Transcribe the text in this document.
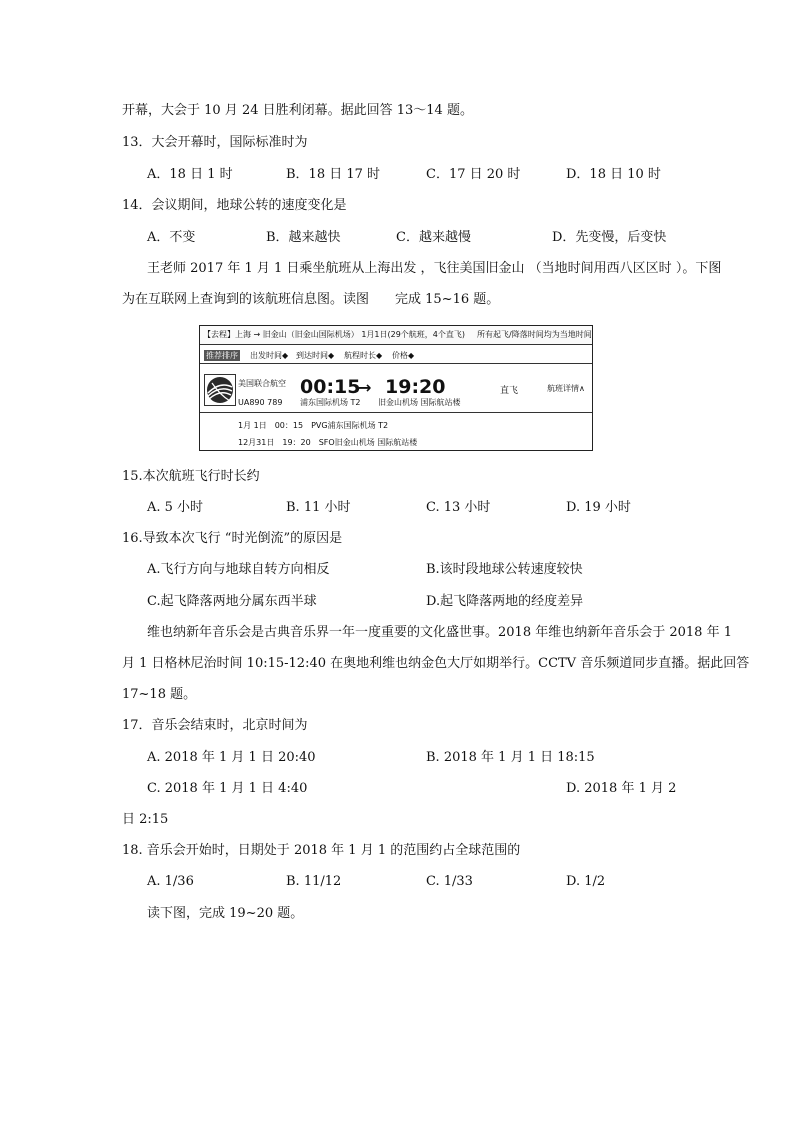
开幕，大会于 10 月 24 日胜利闭幕。据此回答 13～14 题。
13．大会开幕时，国际标准时为
A．18 日 1 时	B．18 日 17 时	C．17 日 20 时	D．18 日 10 时
14．会议期间，地球公转的速度变化是
A．不变	B．越来越快	C．越来越慢	D．先变慢，后变快
王老师 2017 年 1 月 1 日乘坐航班从上海出发 ，飞往美国旧金山 （当地时间用西八区区时 ）。下图
为在互联网上查询到的该航班信息图。读图　　完成 15~16 题。
【去程】上海 → 旧金山（旧金山国际机场） 1月1日(29个航班，4个直飞) 所有起飞/降落时间均为当地时间
推荐排序 出发时间◆ 到达时间◆ 航程时长◆ 价格◆
美国联合航空
UA890 789
00:15
→ 19:20
浦东国际机场 T2 旧金山机场 国际航站楼
直飞	航班详情∧
1月 1日　00：15　PVG浦东国际机场 T2
12月31日　19：20　SFO旧金山机场 国际航站楼
15.本次航班飞行时长约
A. 5 小时	B. 11 小时	C. 13 小时	D. 19 小时
16.导致本次飞行 “时光倒流”的原因是
A.飞行方向与地球自转方向相反	B.该时段地球公转速度较快
C.起飞降落两地分属东西半球	D.起飞降落两地的经度差异
维也纳新年音乐会是古典音乐界一年一度重要的文化盛世事。2018 年维也纳新年音乐会于 2018 年 1
月 1 日格林尼治时间 10:15-12:40 在奥地利维也纳金色大厅如期举行。CCTV 音乐频道同步直播。据此回答
17~18 题。
17．音乐会结束时，北京时间为
A. 2018 年 1 月 1 日 20:40	B. 2018 年 1 月 1 日 18:15
C. 2018 年 1 月 1 日 4:40	D. 2018 年 1 月 2
日 2:15
18. 音乐会开始时，日期处于 2018 年 1 月 1 的范围约占全球范围的
A. 1/36	B. 11/12	C. 1/33	D. 1/2
读下图，完成 19~20 题。
